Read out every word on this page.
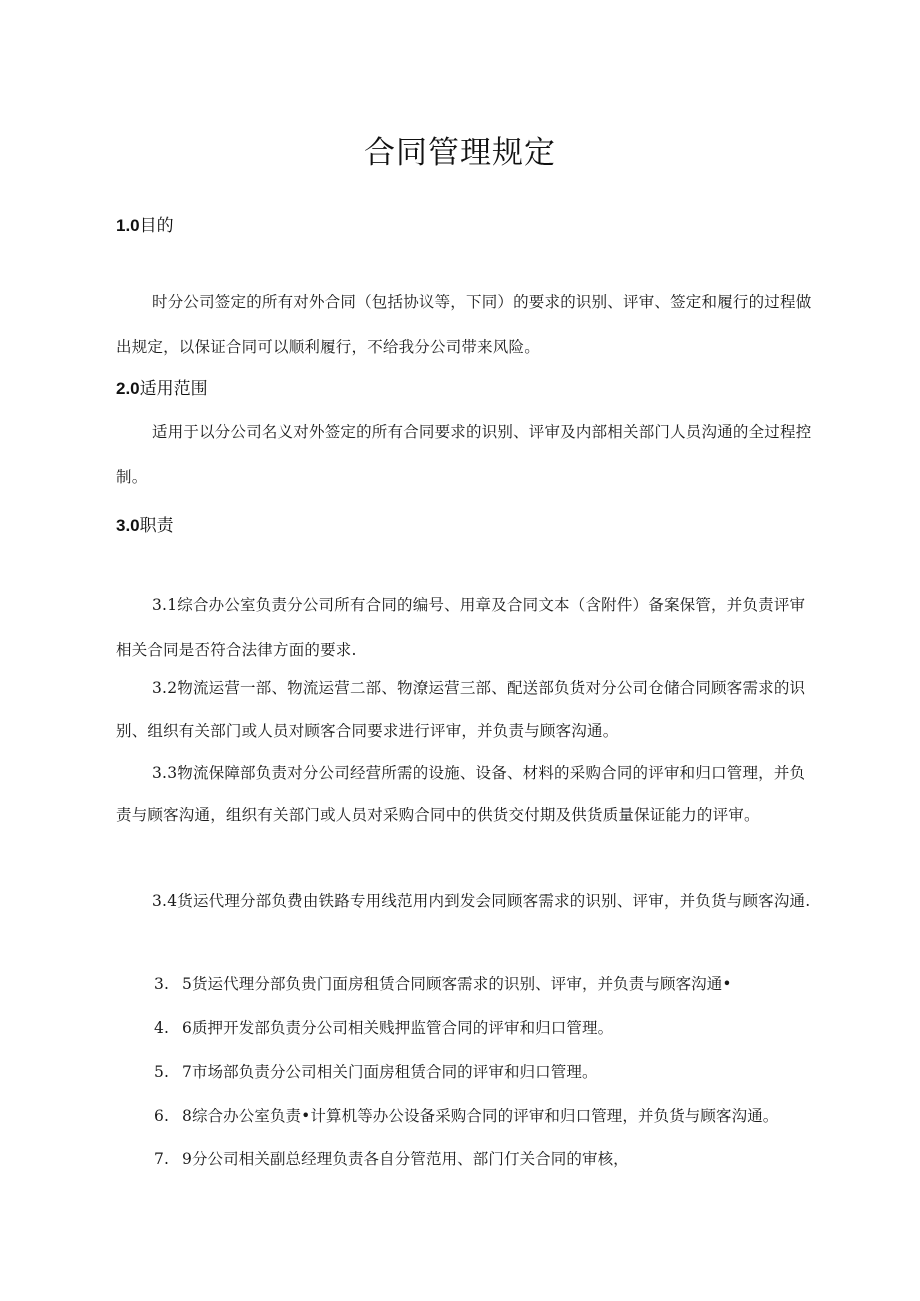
合同管理规定
1.0目的

时分公司签定的所有对外合同（包括协议等，下同）的要求的识别、评审、签定和履行的过程做出规定，以保证合同可以顺利履行，不给我分公司带来风险。

2.0适用范围

适用于以分公司名义对外签定的所有合同要求的识别、评审及内部相关部门人员沟通的全过程控制。

3.0职责

3.1综合办公室负责分公司所有合同的编号、用章及合同文本（含附件）备案保管，并负责评审相关合同是否符合法律方面的要求.

3.2物流运营一部、物流运营二部、物潦运营三部、配送部负货对分公司仓储合同顾客需求的识别、组织有关部门或人员对顾客合同要求进行评审，并负责与顾客沟通。

3.3物流保障部负责对分公司经营所需的设施、设备、材料的采购合同的评审和归口管理，并负责与顾客沟通，组织有关部门或人员对采购合同中的供货交付期及供货质量保证能力的评审。

3.4货运代理分部负费由铁路专用线范用内到发会同顾客需求的识别、评审，并负货与顾客沟通.

3. 5货运代理分部负贵门面房租赁合同顾客需求的识别、评审，并负责与顾客沟通•

4. 6质押开发部负责分公司相关贱押监管合同的评审和归口管理。

5. 7市场部负责分公司相关门面房租赁合同的评审和归口管理。

6. 8综合办公室负责•计算机等办公设备采购合同的评审和归口管理，并负货与顾客沟通。

7. 9分公司相关副总经理负责各自分管范用、部门仃关合同的审核，
